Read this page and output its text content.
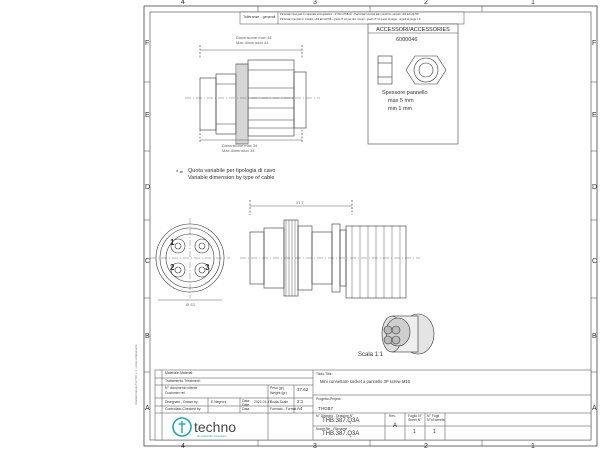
4	3	2	1
4	3	2	1
F
E
D
C
B
A
F
E
D
C
B
A
Tolleranze - generali
Particolari stampati in materiale termoplastico - R ISO 2768mK - Particolari lavorati alle macchine utensili: UNI EN 22768
Particolari tranciati in metallo: UNI EN 22768 - grado IT 12 per dim. lineari - grado IT 11 quote di piega - angoli di piega ± 1°
ACCESSORI/ACCESSORIES
6000046
Spessore pannello
max 5 mm
min 1 mm
Dimensione max 44
Max dimension 44
Dimensione max 34
Max dimension 34
31.7
Ø 33
* = Quota variabile per tipologia di cavo
Variable dimension by type of cable
1
2	3
Scala 1:1
Materiale-Material:
Trattamento-Treatment:
N° documento cliente
Customer ref.
Peso (gr)
Weight (gr)
37.62
Disegnato - Drawn by:	E.Negroni	Data
Date
2022-01-17
Scala-Scale 2:1
Controllato-Checked by:	Data	Formato - Format A4
Titolo-Title:
Mini connettore socket a pannello 3P screw M16
Progetto-Project:
THGB7
N° Disegno - Drawing N°
THB.387.Q3A
Nome file - Filename
THB.387.Q3A
Rev.
A
Foglio N°
Sheet N°
1
N° Fogli
N°of sheets
1
techno
the industrial connections
Proprietà riservata TECHNO s.r.l. - divieto di riproduzione
